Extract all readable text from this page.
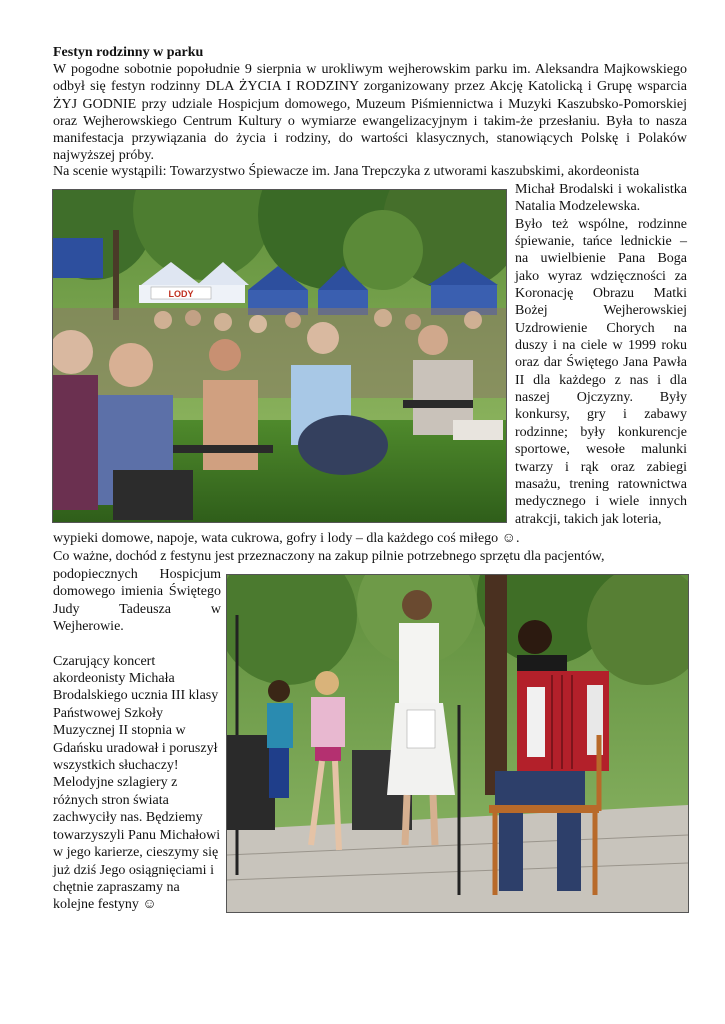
Festyn rodzinny w parku

W pogodne sobotnie popołudnie 9 sierpnia w urokliwym wejherowskim parku im. Aleksandra Majkowskiego odbył się festyn rodzinny DLA ŻYCIA I RODZINY zorganizowany przez Akcję Katolicką i Grupę wsparcia ŻYJ GODNIE przy udziale Hospicjum domowego, Muzeum Piśmiennictwa i Muzyki Kaszubsko-Pomorskiej oraz Wejherowskiego Centrum Kultury o wymiarze ewangelizacyjnym i takim-że przesłaniu. Była to nasza manifestacja przywiązania do życia i rodziny, do wartości klasycznych, stanowiących Polskę i Polaków najwyższej próby.

Na scenie wystąpili: Towarzystwo Śpiewacze im. Jana Trepczyka z utworami kaszubskimi, akordeonista

LODY

Michał Brodalski i wokalistka Natalia Modzelewska.
Było też wspólne, rodzinne śpiewanie, tańce lednickie – na uwielbienie Pana Boga jako wyraz wdzięczności za Koronację Obrazu Matki Bożej Wejherowskiej Uzdrowienie Chorych na duszy i na ciele w 1999 roku oraz dar Świętego Jana Pawła II dla każdego z nas i dla naszej Ojczyzny. Były konkursy, gry i zabawy rodzinne; były konkurencje sportowe, wesołe malunki twarzy i rąk oraz zabiegi masażu, trening ratownictwa medycznego i wiele innych atrakcji, takich jak loteria,

wypieki domowe, napoje, wata cukrowa, gofry i lody – dla każdego coś miłego ☺.

Co ważne, dochód z festynu jest przeznaczony na zakup pilnie potrzebnego sprzętu dla pacjentów,

podopiecznych Hospicjum domowego imienia Świętego Judy Tadeusza w Wejherowie.
Czarujący koncert akordeonisty Michała Brodalskiego ucznia III klasy Państwowej Szkoły Muzycznej II stopnia w Gdańsku uradował i poruszył wszystkich słuchaczy! Melodyjne szlagiery z różnych stron świata zachwyciły nas. Będziemy towarzyszyli Panu Michałowi w jego karierze, cieszymy się już dziś Jego osiągnięciami i chętnie zapraszamy na kolejne festyny ☺
